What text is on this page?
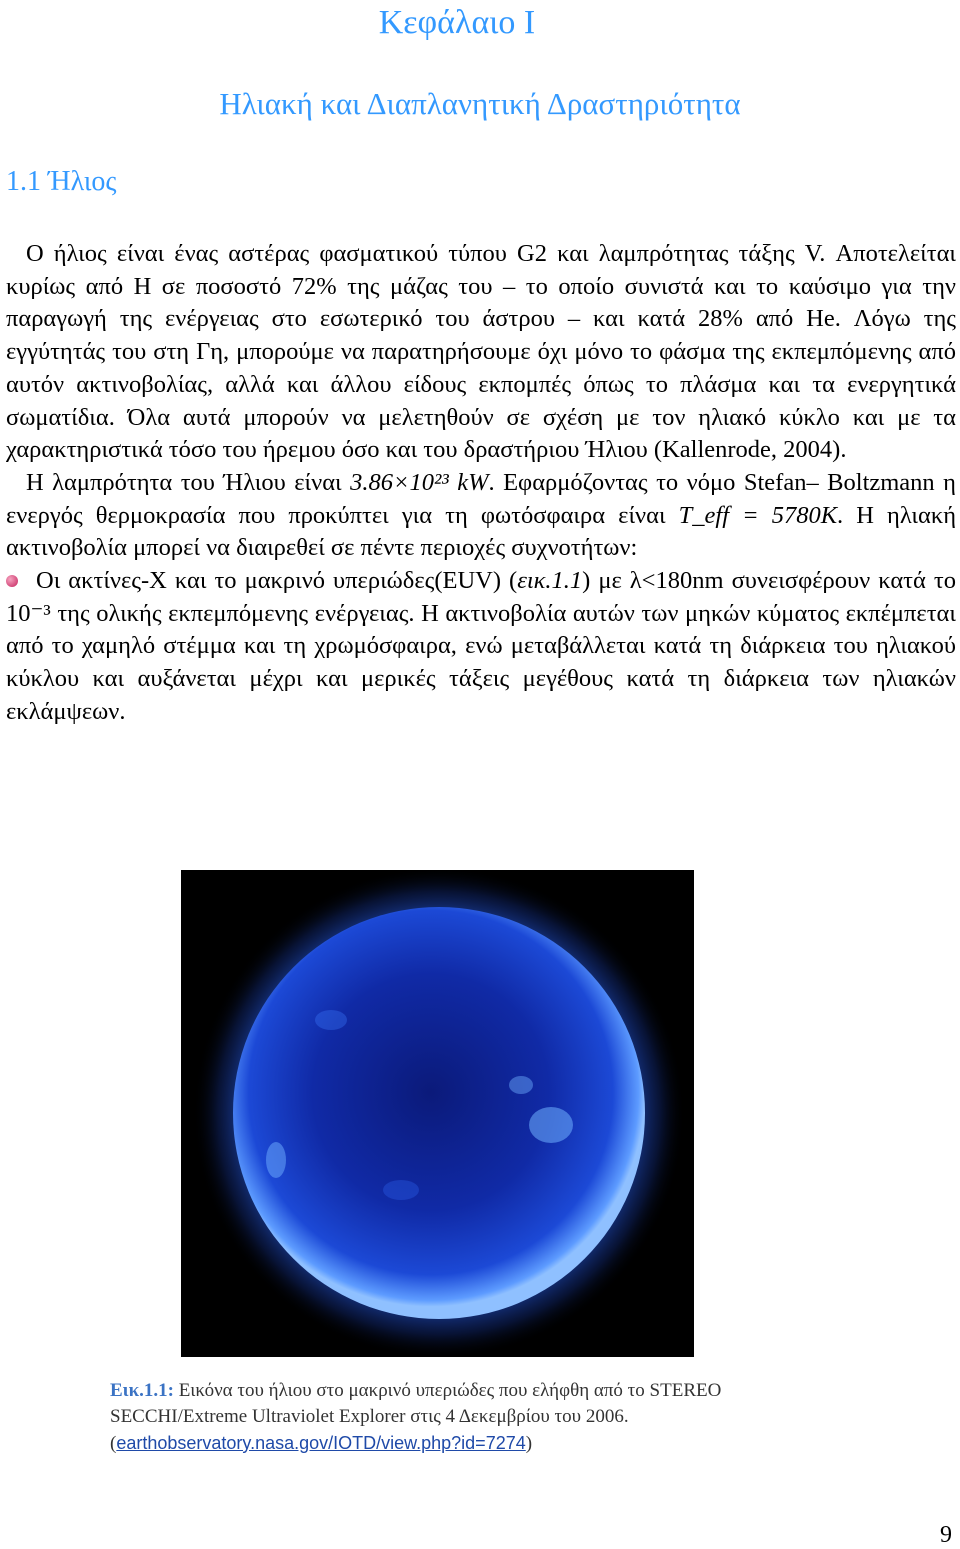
Κεφάλαιο Ι
Ηλιακή και Διαπλανητική Δραστηριότητα
1.1 Ήλιος

Ο ήλιος είναι ένας αστέρας φασματικού τύπου G2 και λαμπρότητας τάξης V. Αποτελείται κυρίως από H σε ποσοστό 72% της μάζας του – το οποίο συνιστά και το καύσιμο για την παραγωγή της ενέργειας στο εσωτερικό του άστρου – και κατά 28% από He. Λόγω της εγγύτητάς του στη Γη, μπορούμε να παρατηρήσουμε όχι μόνο το φάσμα της εκπεμπόμενης από αυτόν ακτινοβολίας, αλλά και άλλου είδους εκπομπές όπως το πλάσμα και τα ενεργητικά σωματίδια. Όλα αυτά μπορούν να μελετηθούν σε σχέση με τον ηλιακό κύκλο και με τα χαρακτηριστικά τόσο του ήρεμου όσο και του δραστήριου Ήλιου (Kallenrode, 2004).

Η λαμπρότητα του Ήλιου είναι 3.86×10²³ kW. Εφαρμόζοντας το νόμο Stefan– Boltzmann η ενεργός θερμοκρασία που προκύπτει για τη φωτόσφαιρα είναι T_eff = 5780K. Η ηλιακή ακτινοβολία μπορεί να διαιρεθεί σε πέντε περιοχές συχνοτήτων:

Οι ακτίνες-X και το μακρινό υπεριώδες(EUV) (εικ.1.1) με λ<180nm συνεισφέρουν κατά το 10⁻³ της ολικής εκπεμπόμενης ενέργειας. Η ακτινοβολία αυτών των μηκών κύματος εκπέμπεται από το χαμηλό στέμμα και τη χρωμόσφαιρα, ενώ μεταβάλλεται κατά τη διάρκεια του ηλιακού κύκλου και αυξάνεται μέχρι και μερικές τάξεις μεγέθους κατά τη διάρκεια των ηλιακών εκλάμψεων.

Εικ.1.1: Εικόνα του ήλιου στο μακρινό υπεριώδες που ελήφθη από το STEREO SECCHI/Extreme Ultraviolet Explorer στις 4 Δεκεμβρίου του 2006.
(earthobservatory.nasa.gov/IOTD/view.php?id=7274)
9
